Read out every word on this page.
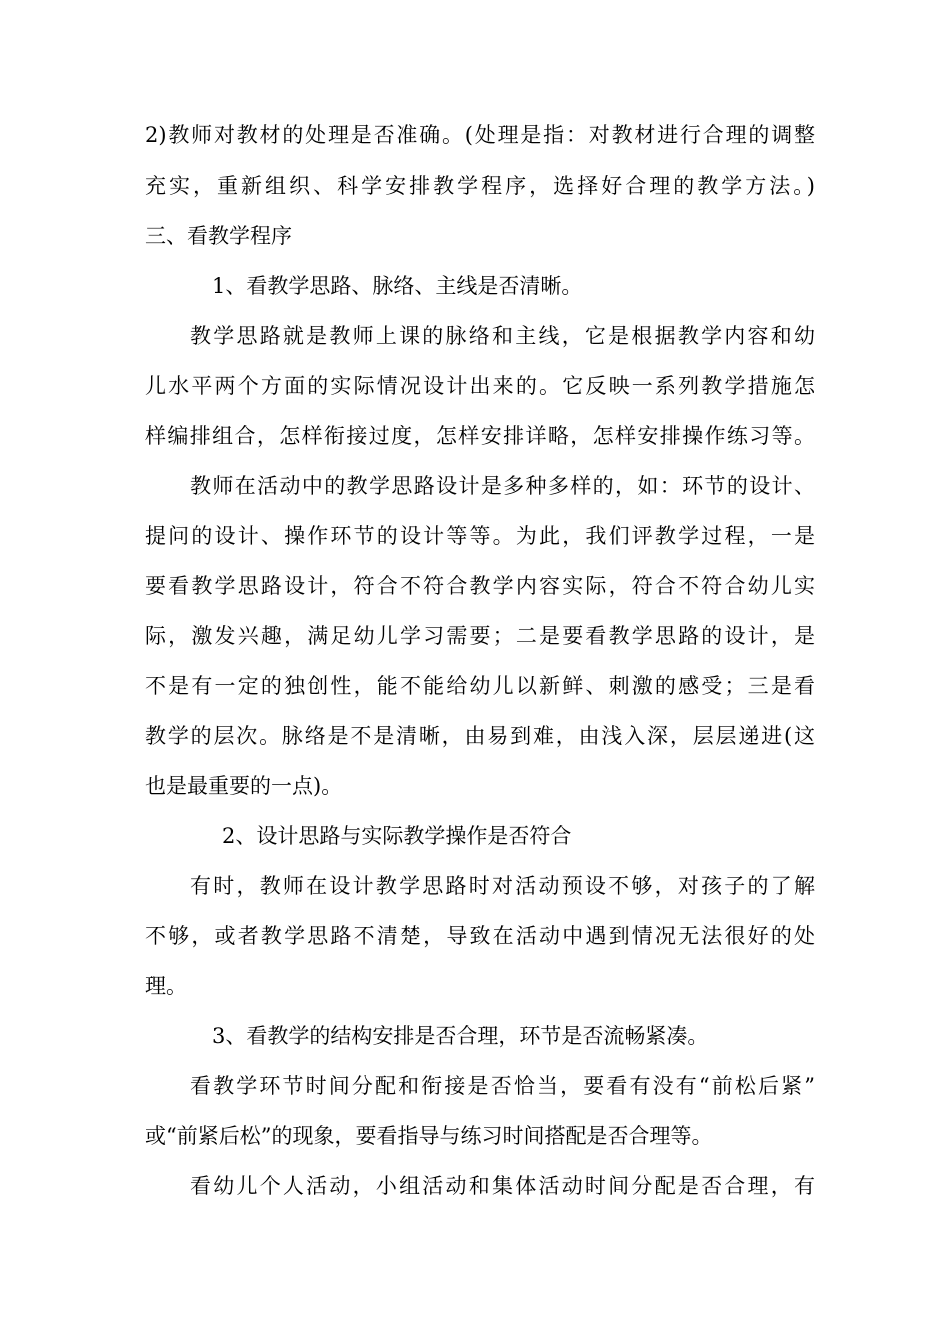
2)教师对教材的处理是否准确。(处理是指：对教材进行合理的调整
充实，重新组织、科学安排教学程序，选择好合理的教学方法。)
三、看教学程序
1、看教学思路、脉络、主线是否清晰。
教学思路就是教师上课的脉络和主线，它是根据教学内容和幼
儿水平两个方面的实际情况设计出来的。它反映一系列教学措施怎
样编排组合，怎样衔接过度，怎样安排详略，怎样安排操作练习等。
教师在活动中的教学思路设计是多种多样的，如：环节的设计、
提问的设计、操作环节的设计等等。为此，我们评教学过程，一是
要看教学思路设计，符合不符合教学内容实际，符合不符合幼儿实
际，激发兴趣，满足幼儿学习需要；二是要看教学思路的设计，是
不是有一定的独创性，能不能给幼儿以新鲜、刺激的感受；三是看
教学的层次。脉络是不是清晰，由易到难，由浅入深，层层递进(这
也是最重要的一点)。
2、设计思路与实际教学操作是否符合
有时，教师在设计教学思路时对活动预设不够，对孩子的了解
不够，或者教学思路不清楚，导致在活动中遇到情况无法很好的处
理。
3、看教学的结构安排是否合理，环节是否流畅紧凑。
看教学环节时间分配和衔接是否恰当，要看有没有“前松后紧”
或“前紧后松”的现象，要看指导与练习时间搭配是否合理等。
看幼儿个人活动，小组活动和集体活动时间分配是否合理，有
